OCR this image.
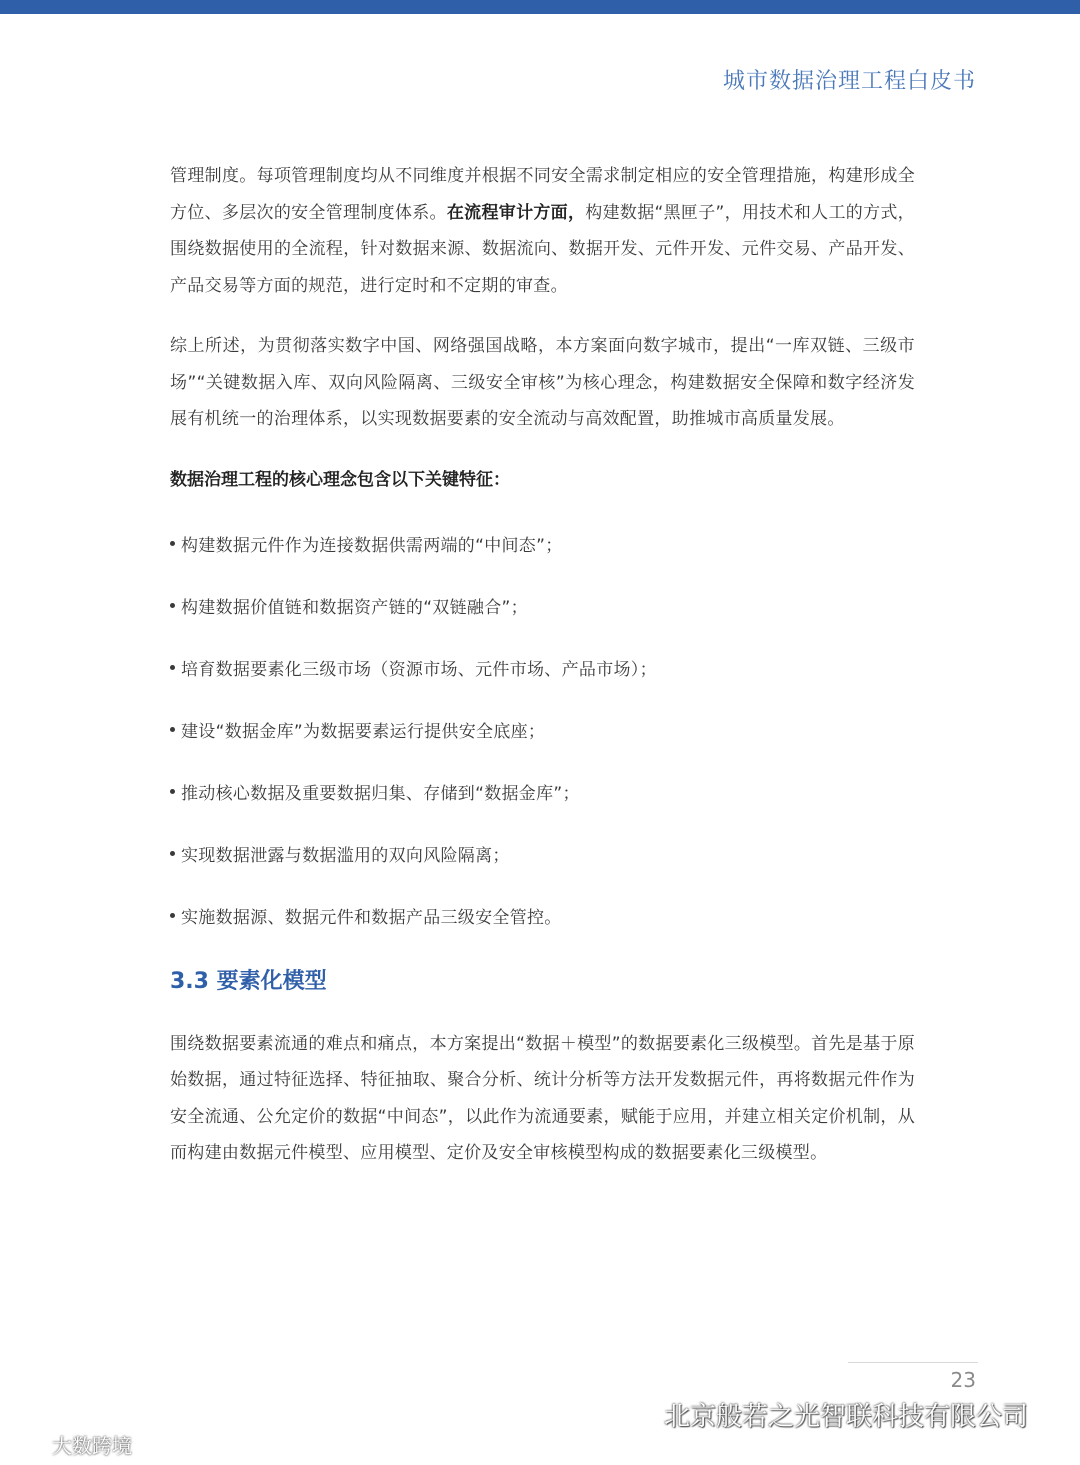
城市数据治理工程白皮书

管理制度。每项管理制度均从不同维度并根据不同安全需求制定相应的安全管理措施，构建形成全方位、多层次的安全管理制度体系。在流程审计方面，构建数据“黑匣子”，用技术和人工的方式，围绕数据使用的全流程，针对数据来源、数据流向、数据开发、元件开发、元件交易、产品开发、产品交易等方面的规范，进行定时和不定期的审查。

综上所述，为贯彻落实数字中国、网络强国战略，本方案面向数字城市，提出“一库双链、三级市场”“关键数据入库、双向风险隔离、三级安全审核”为核心理念，构建数据安全保障和数字经济发展有机统一的治理体系，以实现数据要素的安全流动与高效配置，助推城市高质量发展。

数据治理工程的核心理念包含以下关键特征：
构建数据元件作为连接数据供需两端的“中间态”；
构建数据价值链和数据资产链的“双链融合”；
培育数据要素化三级市场（资源市场、元件市场、产品市场）；
建设“数据金库”为数据要素运行提供安全底座；
推动核心数据及重要数据归集、存储到“数据金库”；
实现数据泄露与数据滥用的双向风险隔离；
实施数据源、数据元件和数据产品三级安全管控。
3.3 要素化模型

围绕数据要素流通的难点和痛点，本方案提出“数据＋模型”的数据要素化三级模型。首先是基于原始数据，通过特征选择、特征抽取、聚合分析、统计分析等方法开发数据元件，再将数据元件作为安全流通、公允定价的数据“中间态”，以此作为流通要素，赋能于应用，并建立相关定价机制，从而构建由数据元件模型、应用模型、定价及安全审核模型构成的数据要素化三级模型。

23
北京般若之光智联科技有限公司
大数跨境
